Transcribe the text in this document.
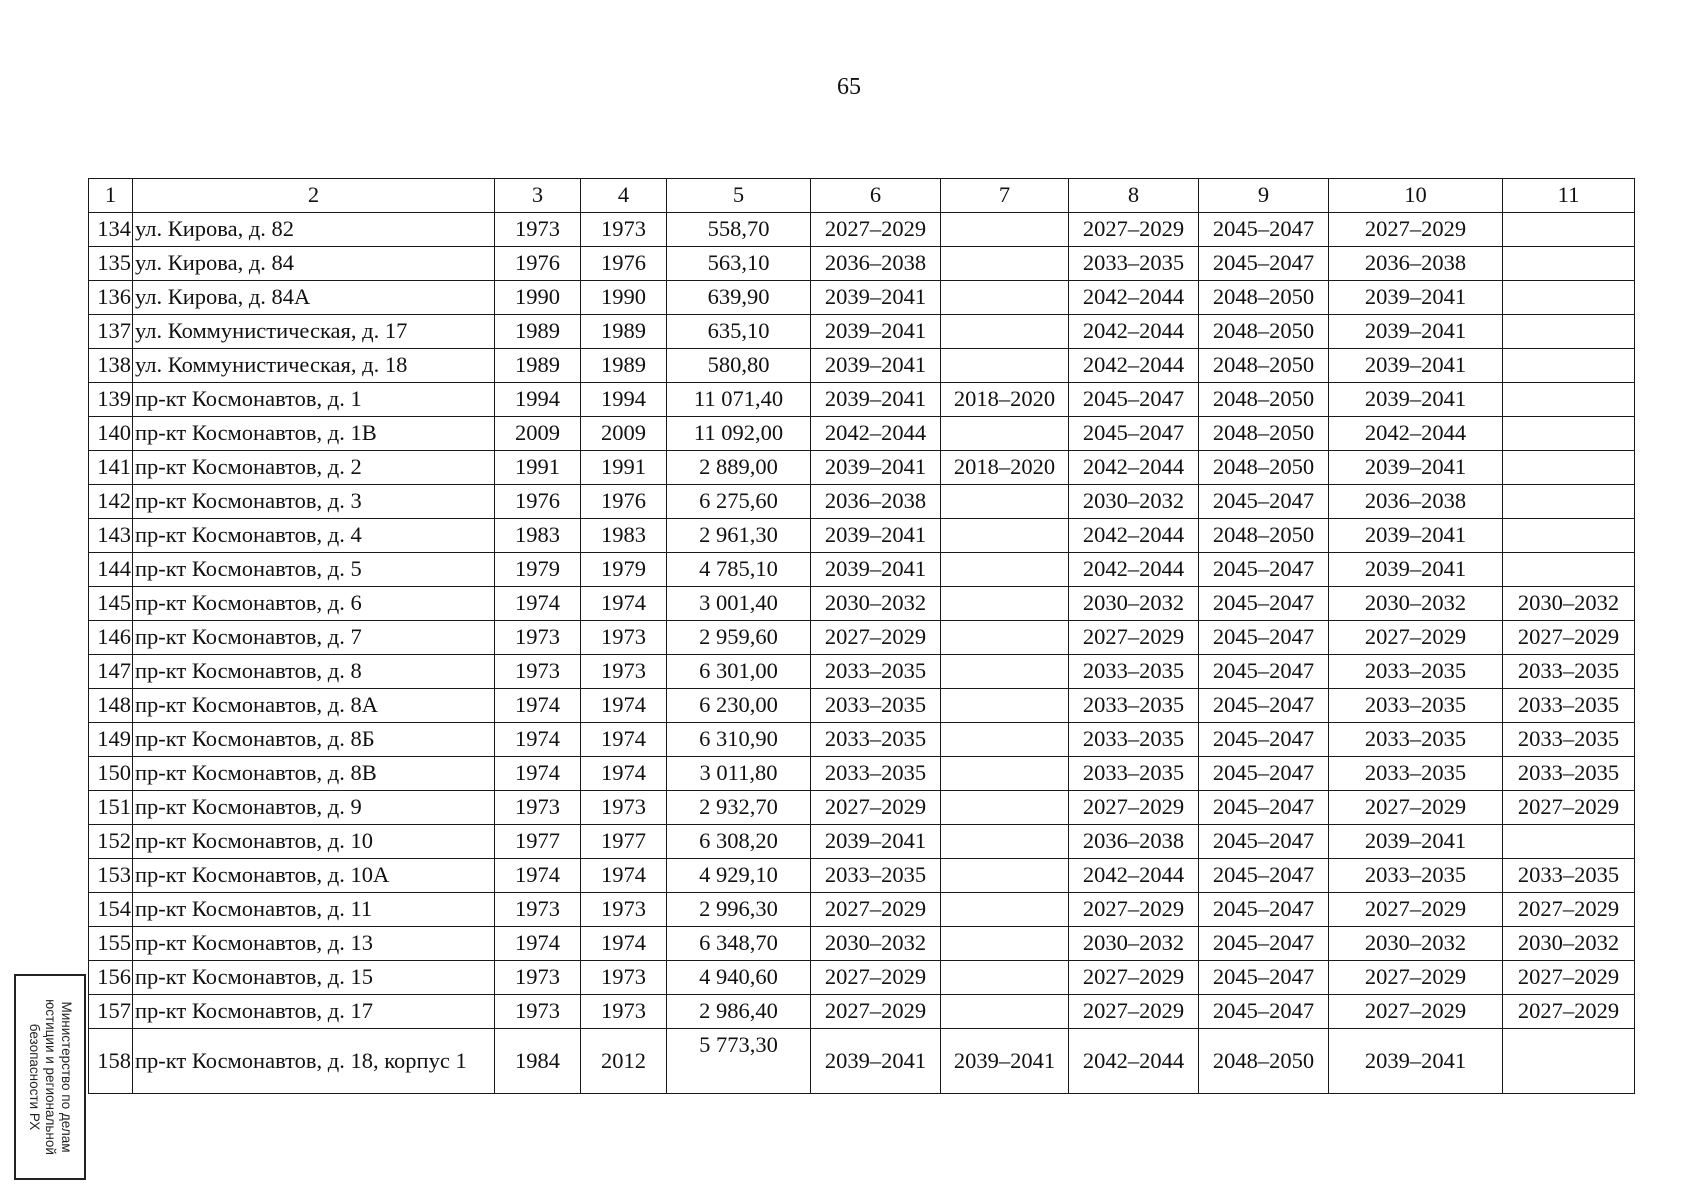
65
1	2	3	4	5	6	7	8	9	10	11
134	ул. Кирова, д. 82	1973	1973	558,70	2027–2029		2027–2029	2045–2047	2027–2029	
135	ул. Кирова, д. 84	1976	1976	563,10	2036–2038		2033–2035	2045–2047	2036–2038	
136	ул. Кирова, д. 84А	1990	1990	639,90	2039–2041		2042–2044	2048–2050	2039–2041	
137	ул. Коммунистическая, д. 17	1989	1989	635,10	2039–2041		2042–2044	2048–2050	2039–2041	
138	ул. Коммунистическая, д. 18	1989	1989	580,80	2039–2041		2042–2044	2048–2050	2039–2041	
139	пр-кт Космонавтов, д. 1	1994	1994	11 071,40	2039–2041	2018–2020	2045–2047	2048–2050	2039–2041	
140	пр-кт Космонавтов, д. 1В	2009	2009	11 092,00	2042–2044		2045–2047	2048–2050	2042–2044	
141	пр-кт Космонавтов, д. 2	1991	1991	2 889,00	2039–2041	2018–2020	2042–2044	2048–2050	2039–2041	
142	пр-кт Космонавтов, д. 3	1976	1976	6 275,60	2036–2038		2030–2032	2045–2047	2036–2038	
143	пр-кт Космонавтов, д. 4	1983	1983	2 961,30	2039–2041		2042–2044	2048–2050	2039–2041	
144	пр-кт Космонавтов, д. 5	1979	1979	4 785,10	2039–2041		2042–2044	2045–2047	2039–2041	
145	пр-кт Космонавтов, д. 6	1974	1974	3 001,40	2030–2032		2030–2032	2045–2047	2030–2032	2030–2032
146	пр-кт Космонавтов, д. 7	1973	1973	2 959,60	2027–2029		2027–2029	2045–2047	2027–2029	2027–2029
147	пр-кт Космонавтов, д. 8	1973	1973	6 301,00	2033–2035		2033–2035	2045–2047	2033–2035	2033–2035
148	пр-кт Космонавтов, д. 8А	1974	1974	6 230,00	2033–2035		2033–2035	2045–2047	2033–2035	2033–2035
149	пр-кт Космонавтов, д. 8Б	1974	1974	6 310,90	2033–2035		2033–2035	2045–2047	2033–2035	2033–2035
150	пр-кт Космонавтов, д. 8В	1974	1974	3 011,80	2033–2035		2033–2035	2045–2047	2033–2035	2033–2035
151	пр-кт Космонавтов, д. 9	1973	1973	2 932,70	2027–2029		2027–2029	2045–2047	2027–2029	2027–2029
152	пр-кт Космонавтов, д. 10	1977	1977	6 308,20	2039–2041		2036–2038	2045–2047	2039–2041	
153	пр-кт Космонавтов, д. 10А	1974	1974	4 929,10	2033–2035		2042–2044	2045–2047	2033–2035	2033–2035
154	пр-кт Космонавтов, д. 11	1973	1973	2 996,30	2027–2029		2027–2029	2045–2047	2027–2029	2027–2029
155	пр-кт Космонавтов, д. 13	1974	1974	6 348,70	2030–2032		2030–2032	2045–2047	2030–2032	2030–2032
156	пр-кт Космонавтов, д. 15	1973	1973	4 940,60	2027–2029		2027–2029	2045–2047	2027–2029	2027–2029
157	пр-кт Космонавтов, д. 17	1973	1973	2 986,40	2027–2029		2027–2029	2045–2047	2027–2029	2027–2029
158	пр-кт Космонавтов, д. 18, корпус 1	1984	2012	5 773,30	2039–2041	2039–2041	2042–2044	2048–2050	2039–2041	
Министерство по делам
юстиции и региональной
безопасности РХ
